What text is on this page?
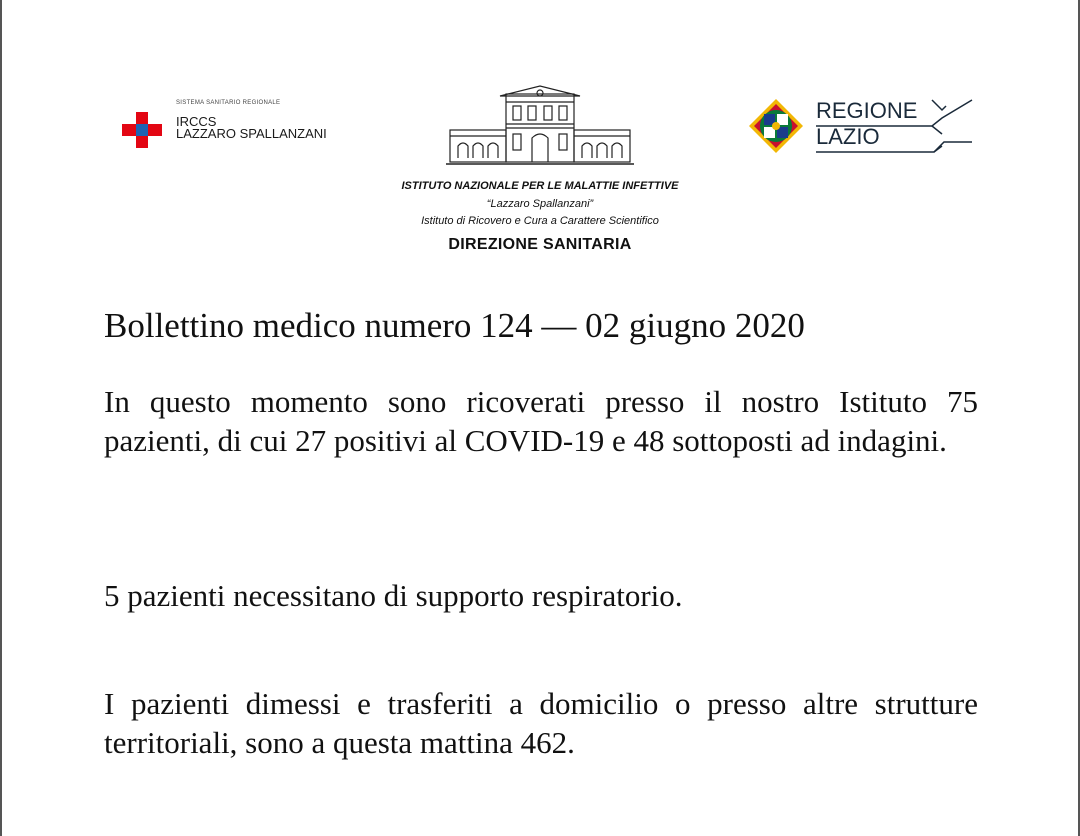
SISTEMA SANITARIO REGIONALE
IRCCS
LAZZARO SPALLANZANI
ISTITUTO NAZIONALE PER LE MALATTIE INFETTIVE
“Lazzaro Spallanzani”
Istituto di Ricovero e Cura a Carattere Scientifico
DIREZIONE SANITARIA
REGIONE
LAZIO
Bollettino medico numero 124 — 02 giugno 2020

In questo momento sono ricoverati presso il nostro Istituto 75 pazienti, di cui 27 positivi al COVID-19 e 48 sottoposti ad indagini.

5 pazienti necessitano di supporto respiratorio.

I pazienti dimessi e trasferiti a domicilio o presso altre strutture territoriali, sono a questa mattina 462.
